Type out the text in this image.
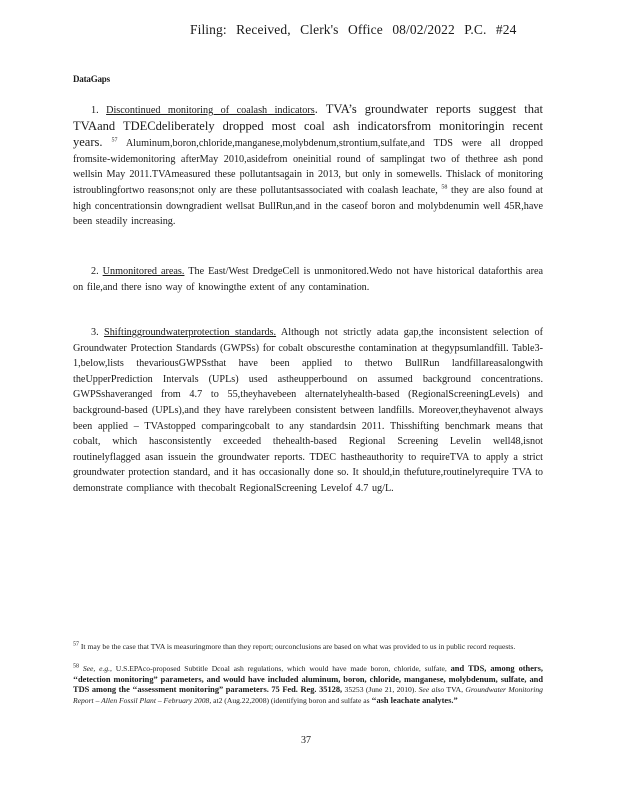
Filing: Received, Clerk's Office 08/02/2022 P.C. #24
DataGaps
1. Discontinued monitoring of coalash indicators. TVA’s groundwater reports suggest that TVAand TDECdeliberately dropped most coal ash indicatorsfrom monitoringin recent years. $^{57}$ Aluminum,boron,chloride,manganese,molybdenum,strontium,sulfate,and TDS were all dropped fromsite-widemonitoring afterMay 2010,asidefrom oneinitial round of samplingat two of thethree ash pond wellsin May 2011.TVAmeasured these pollutantsagain in 2013, but only in somewells. Thislack of monitoring istroublingfortwo reasons;not only are these pollutantsassociated with coalash leachate, $^{58}$ they are also found at high concentrationsin downgradient wellsat BullRun,and in the caseof boron and molybdenumin well 45R,have been steadily increasing.
2. Unmonitored areas. The East/West DredgeCell is unmonitored.Wedo not have historical dataforthis area on file,and there isno way of knowingthe extent of any contamination.
3. Shiftinggroundwaterprotection standards. Although not strictly adata gap,the inconsistent selection of Groundwater Protection Standards (GWPSs) for cobalt obscuresthe contamination at thegypsumlandfill. Table3-1,below,lists thevariousGWPSsthat have been applied to thetwo BullRun landfillareasalongwith theUpperPrediction Intervals (UPLs) used astheupperbound on assumed background concentrations. GWPSshaveranged from 4.7 to 55,theyhavebeen alternatelyhealth-based (RegionalScreeningLevels) and background-based (UPLs),and they have rarelybeen consistent between landfills. Moreover,theyhavenot always been applied – TVAstopped comparingcobalt to any standardsin 2011. Thisshifting benchmark means that cobalt, which hasconsistently exceeded thehealth-based Regional Screening Levelin well48,isnot routinelyflagged asan issuein the groundwater reports. TDEC hastheauthority to requireTVA to apply a strict groundwater protection standard, and it has occasionally done so. It should,in thefuture,routinelyrequire TVA to demonstrate compliance with thecobalt RegionalScreening Levelof 4.7 ug/L.
$^{57}$ It may be the case that TVA is measuringmore than they report; ourconclusions are based on what was provided to us in public record requests.
$^{58}$ See, e.g., U.S.EPAco-proposed Subtitle Dcoal ash regulations, which would have made boron, chloride, sulfate, and TDS, among others, ‘‘detection monitoring” parameters, and would have included aluminum, boron, chloride, manganese, molybdenum, sulfate, and TDS among the ‘‘assessment monitoring” parameters. 75 Fed. Reg. 35128, 35253 (June 21, 2010). See also TVA, Groundwater Monitoring Report – Allen Fossil Plant – February 2008, at2 (Aug.22,2008) (identifying boron and sulfate as ‘‘ash leachate analytes.”
37
